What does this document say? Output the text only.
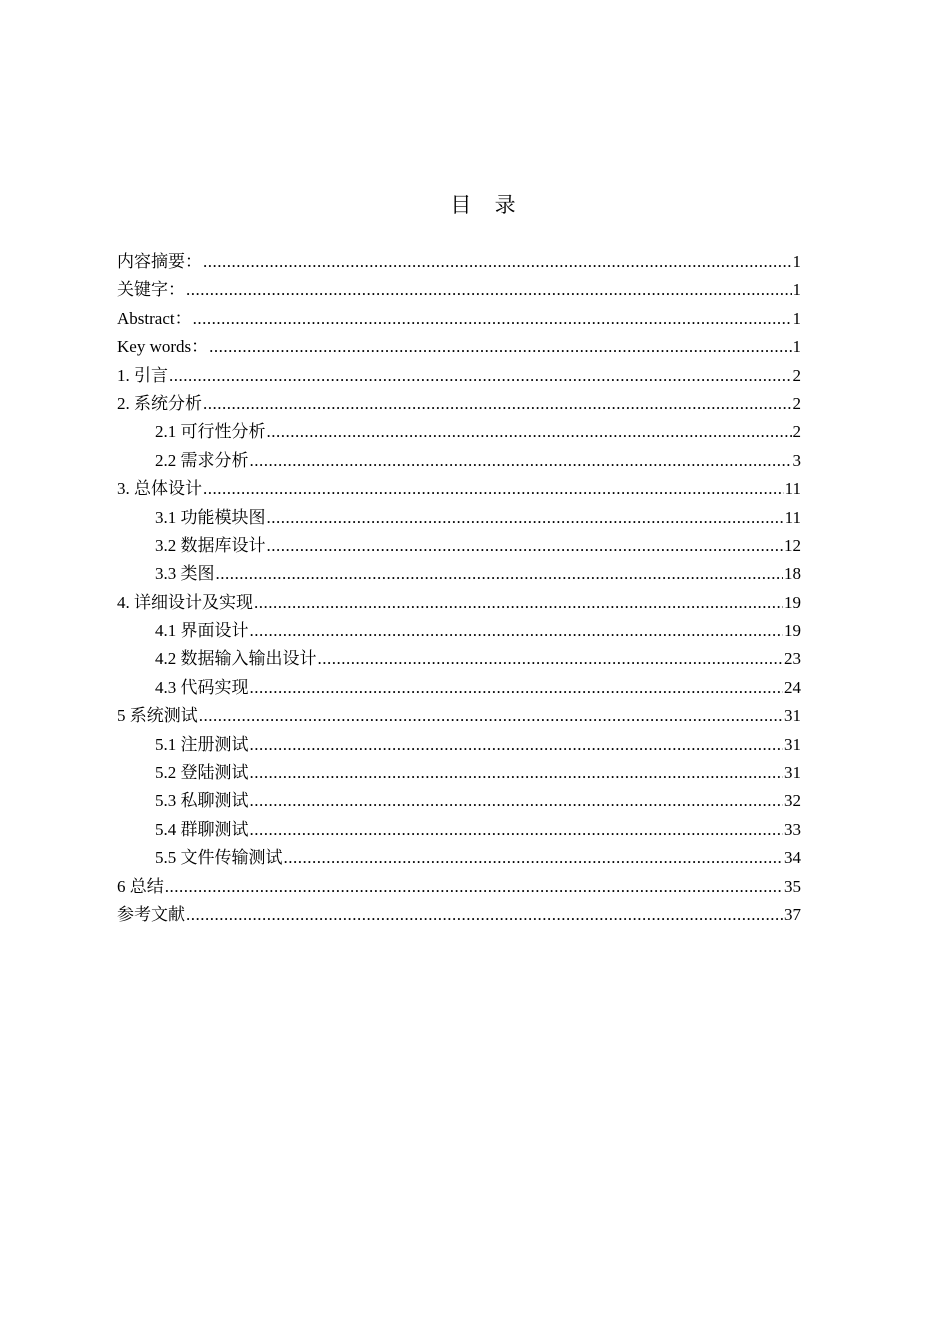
目 录
内容摘要： .....	1
关键字： .....	1
Abstract： .....	1
Key words： .....	1
1. 引言 .....	2
2. 系统分析 .....	2
2.1 可行性分析 .....	2
2.2 需求分析 .....	3
3. 总体设计 .....	11
3.1 功能模块图 .....	11
3.2 数据库设计 .....	12
3.3 类图 .....	18
4. 详细设计及实现 .....	19
4.1 界面设计 .....	19
4.2 数据输入输出设计 .....	23
4.3 代码实现 .....	24
5 系统测试 .....	31
5.1 注册测试 .....	31
5.2 登陆测试 .....	31
5.3 私聊测试 .....	32
5.4 群聊测试 .....	33
5.5 文件传输测试 .....	34
6 总结 .....	35
参考文献 .....	37
